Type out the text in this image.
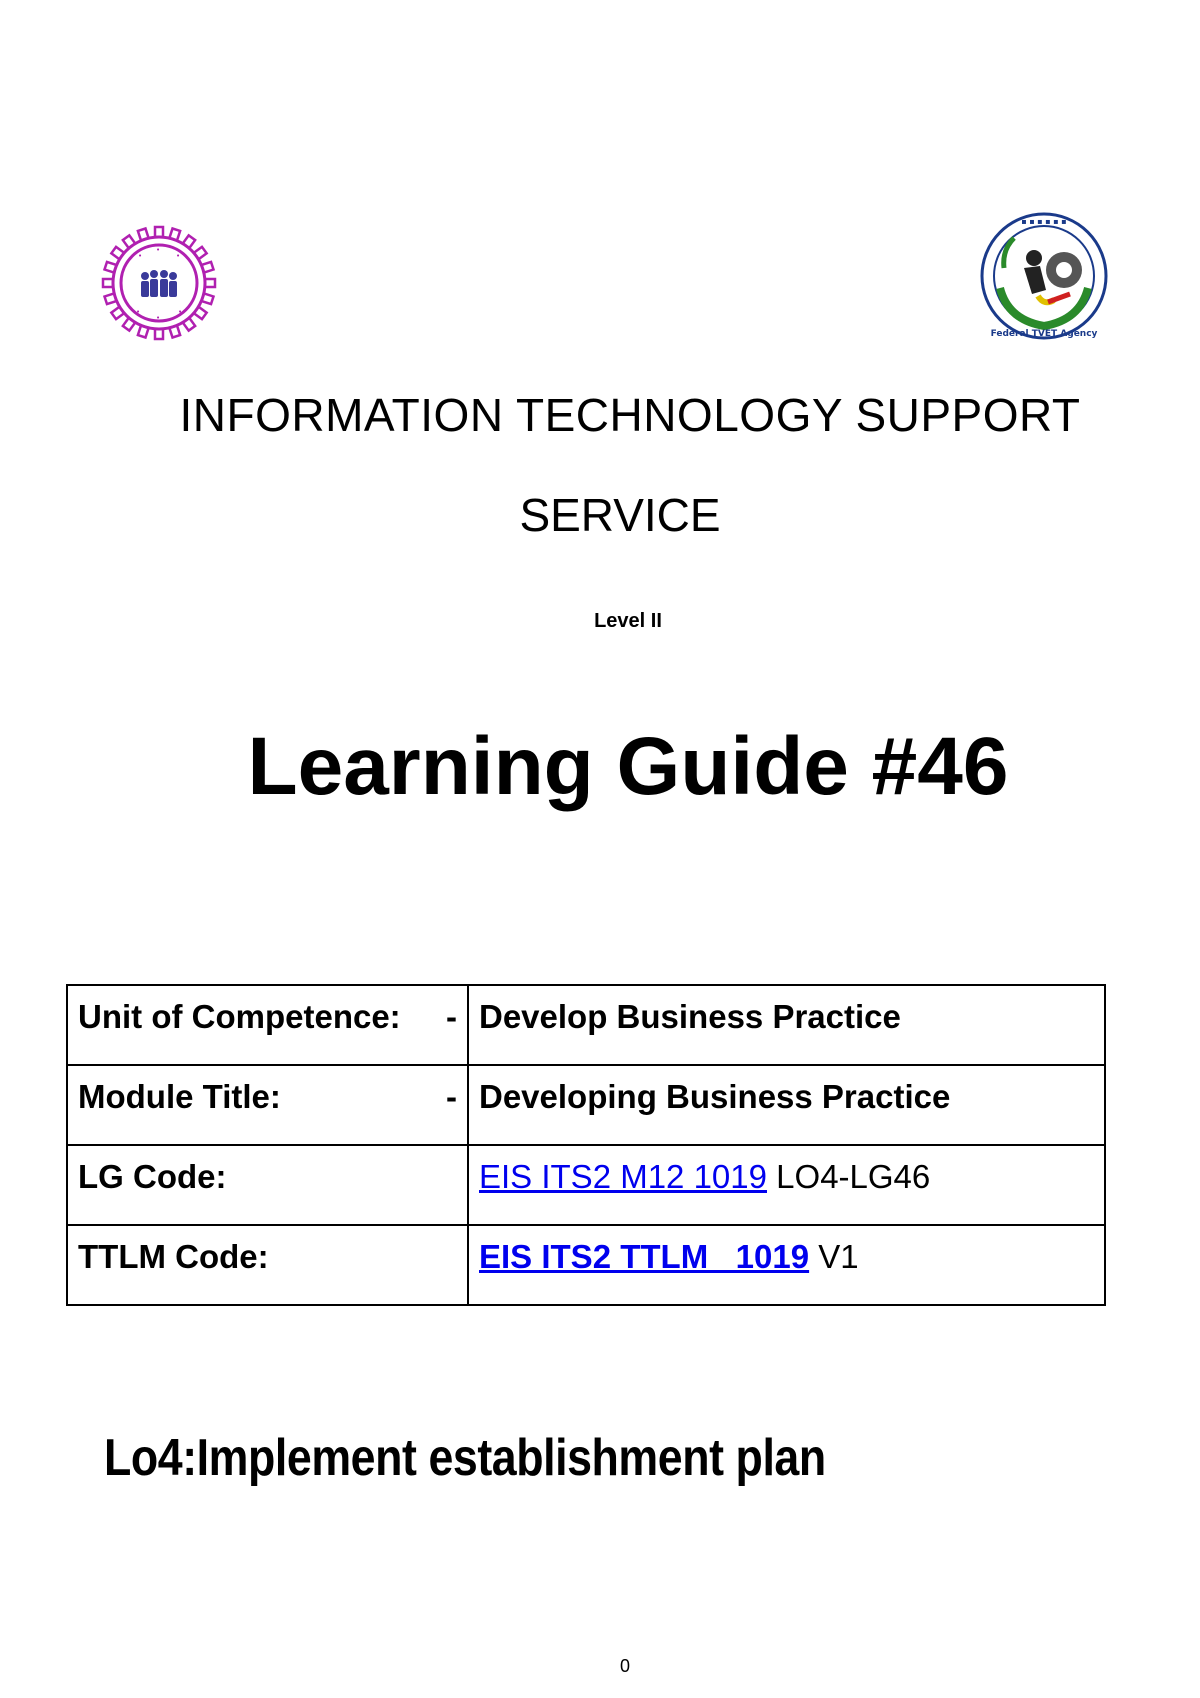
•
•
•
•
•
•
▪ ▪ ▪ ▪ ▪ ▪
Federal TVET Agency
INFORMATION TECHNOLOGY SUPPORT
SERVICE
Level II
Learning Guide #46
Unit of Competence: -	Develop Business Practice

Module Title: -	Developing Business Practice
LG Code:	EIS ITS2 M12 1019 LO4-LG46
TTLM Code:	EIS ITS2 TTLM   1019 V1
Lo4:Implement establishment plan
0
